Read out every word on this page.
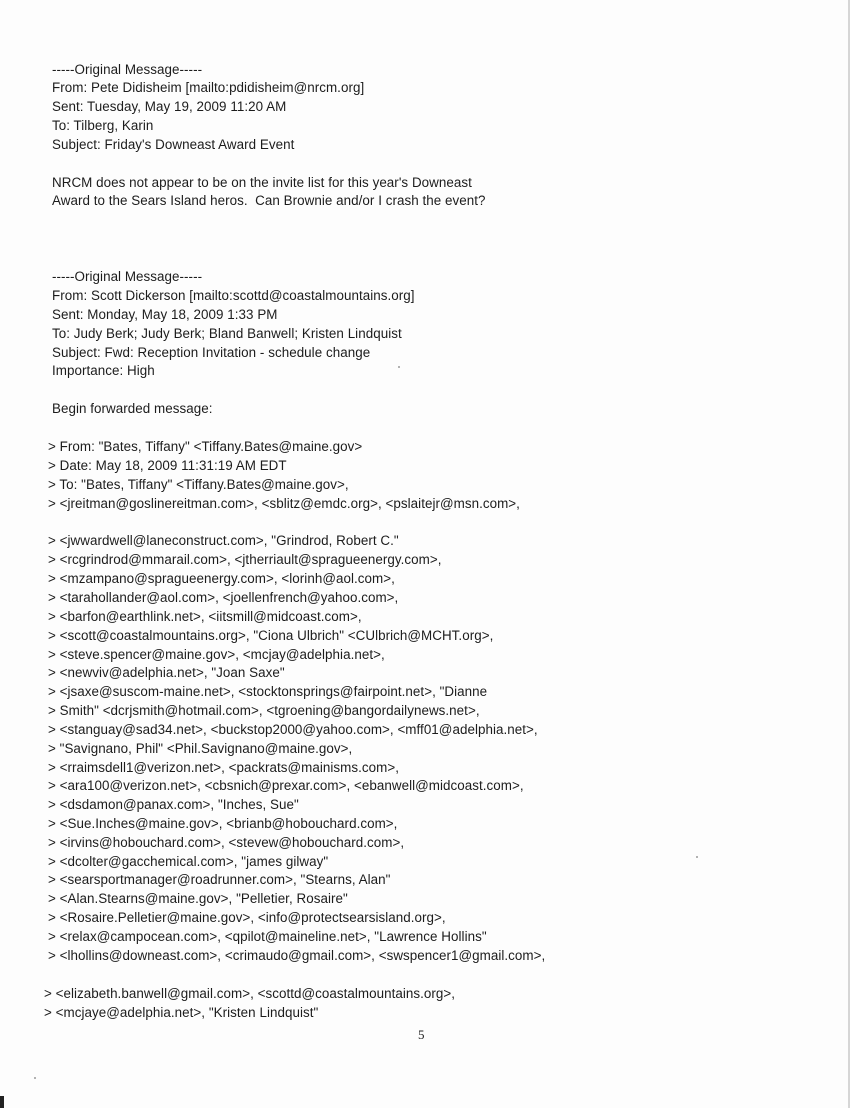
-----Original Message-----
From: Pete Didisheim [mailto:pdidisheim@nrcm.org]
Sent: Tuesday, May 19, 2009 11:20 AM
To: Tilberg, Karin
Subject: Friday's Downeast Award Event
NRCM does not appear to be on the invite list for this year's Downeast
Award to the Sears Island heros.  Can Brownie and/or I crash the event?
-----Original Message-----
From: Scott Dickerson [mailto:scottd@coastalmountains.org]
Sent: Monday, May 18, 2009 1:33 PM
To: Judy Berk; Judy Berk; Bland Banwell; Kristen Lindquist
Subject: Fwd: Reception Invitation - schedule change
Importance: High
Begin forwarded message:
> From: "Bates, Tiffany" <Tiffany.Bates@maine.gov>
> Date: May 18, 2009 11:31:19 AM EDT
> To: "Bates, Tiffany" <Tiffany.Bates@maine.gov>,
> <jreitman@goslinereitman.com>, <sblitz@emdc.org>, <pslaitejr@msn.com>,
> <jwwardwell@laneconstruct.com>, "Grindrod, Robert C."
> <rcgrindrod@mmarail.com>, <jtherriault@spragueenergy.com>,
> <mzampano@spragueenergy.com>, <lorinh@aol.com>,
> <tarahollander@aol.com>, <joellenfrench@yahoo.com>,
> <barfon@earthlink.net>, <iitsmill@midcoast.com>,
> <scott@coastalmountains.org>, "Ciona Ulbrich" <CUlbrich@MCHT.org>,
> <steve.spencer@maine.gov>, <mcjay@adelphia.net>,
> <newviv@adelphia.net>, "Joan Saxe"
> <jsaxe@suscom-maine.net>, <stocktonsprings@fairpoint.net>, "Dianne
> Smith" <dcrjsmith@hotmail.com>, <tgroening@bangordailynews.net>,
> <stanguay@sad34.net>, <buckstop2000@yahoo.com>, <mff01@adelphia.net>,
> "Savignano, Phil" <Phil.Savignano@maine.gov>,
> <rraimsdell1@verizon.net>, <packrats@mainisms.com>,
> <ara100@verizon.net>, <cbsnich@prexar.com>, <ebanwell@midcoast.com>,
> <dsdamon@panax.com>, "Inches, Sue"
> <Sue.Inches@maine.gov>, <brianb@hobouchard.com>,
> <irvins@hobouchard.com>, <stevew@hobouchard.com>,
> <dcolter@gacchemical.com>, "james gilway"
> <searsportmanager@roadrunner.com>, "Stearns, Alan"
> <Alan.Stearns@maine.gov>, "Pelletier, Rosaire"
> <Rosaire.Pelletier@maine.gov>, <info@protectsearsisland.org>,
> <relax@campocean.com>, <qpilot@maineline.net>, "Lawrence Hollins"
> <lhollins@downeast.com>, <crimaudo@gmail.com>, <swspencer1@gmail.com>,
> <elizabeth.banwell@gmail.com>, <scottd@coastalmountains.org>,
> <mcjaye@adelphia.net>, "Kristen Lindquist"
5
